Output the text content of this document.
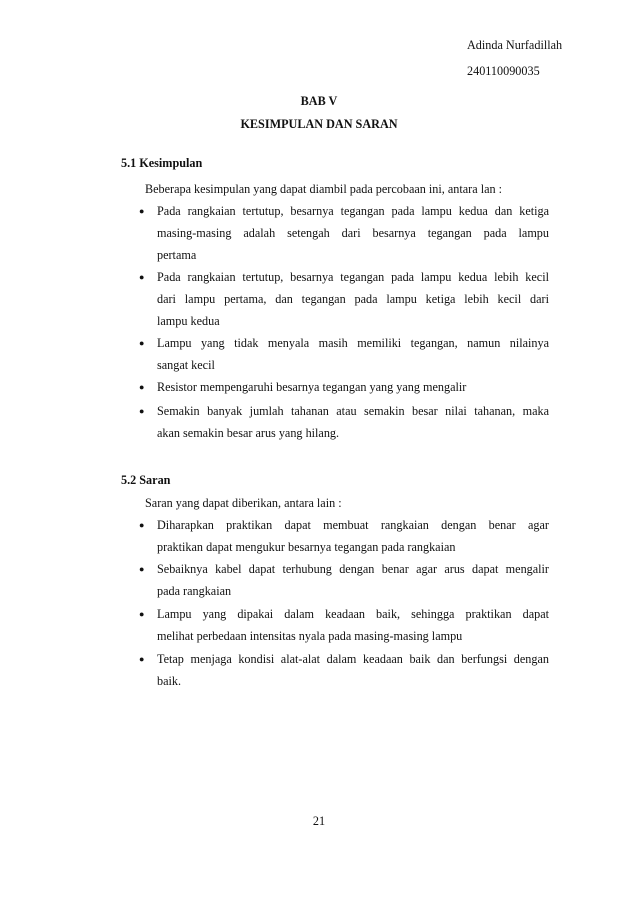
Adinda Nurfadillah
240110090035
BAB V
KESIMPULAN DAN SARAN
5.1 Kesimpulan
Beberapa kesimpulan yang dapat diambil pada percobaan ini, antara lan :
● Pada rangkaian tertutup, besarnya tegangan pada lampu kedua dan ketiga
masing-masing adalah setengah dari besarnya tegangan pada lampu
pertama
● Pada rangkaian tertutup, besarnya tegangan pada lampu kedua lebih kecil
dari lampu pertama, dan tegangan pada lampu ketiga lebih kecil dari
lampu kedua
● Lampu yang tidak menyala masih memiliki tegangan, namun nilainya
sangat kecil
● Resistor mempengaruhi besarnya tegangan yang yang mengalir
● Semakin banyak jumlah tahanan atau semakin besar nilai tahanan, maka
akan semakin besar arus yang hilang.
5.2 Saran
Saran yang dapat diberikan, antara lain :
● Diharapkan praktikan dapat membuat rangkaian dengan benar agar
praktikan dapat mengukur besarnya tegangan pada rangkaian
● Sebaiknya kabel dapat terhubung dengan benar agar arus dapat mengalir
pada rangkaian
● Lampu yang dipakai dalam keadaan baik, sehingga praktikan dapat
melihat perbedaan intensitas nyala pada masing-masing lampu
● Tetap menjaga kondisi alat-alat dalam keadaan baik dan berfungsi dengan
baik.
21
